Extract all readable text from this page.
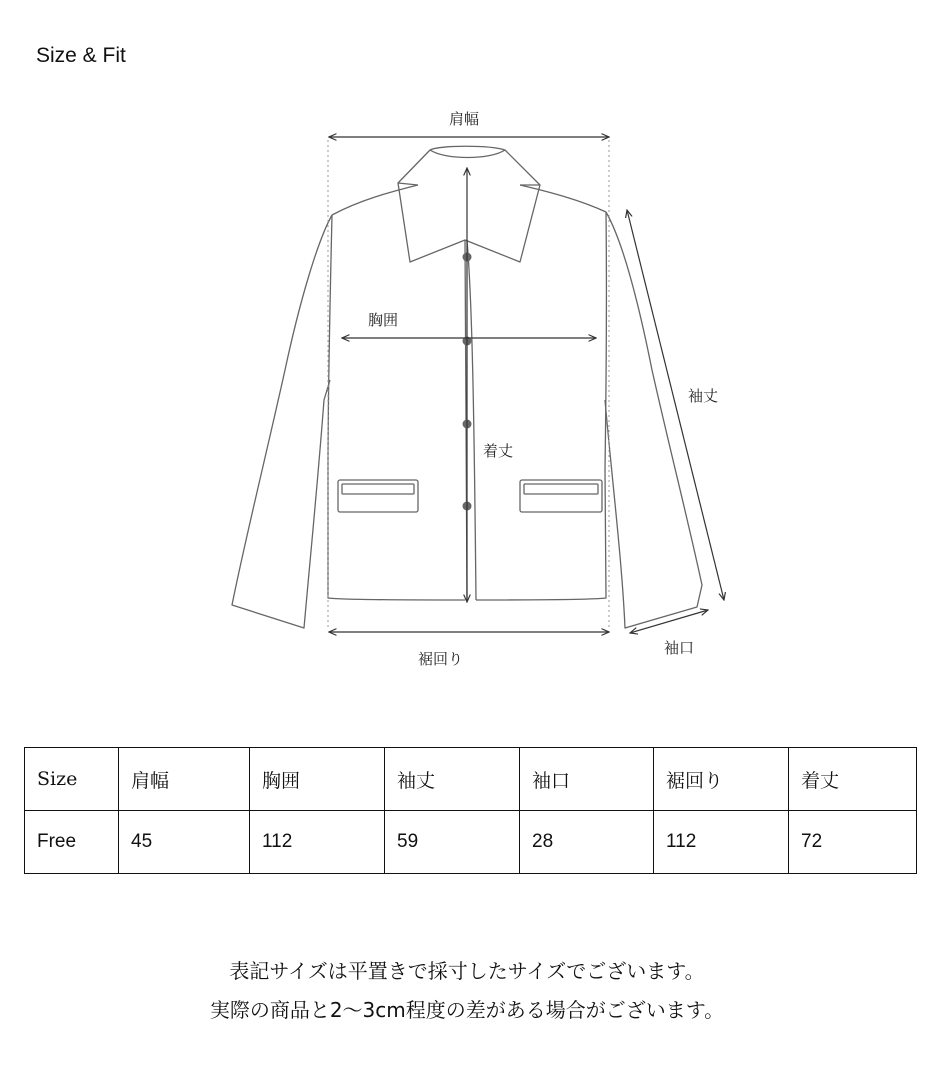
Size & Fit
肩幅
胸囲
着丈
袖丈
裾回り
袖口
Size	肩幅	胸囲	袖丈	袖口	裾回り	着丈
Free	45	112	59	28	112	72
表記サイズは平置きで採寸したサイズでございます。
実際の商品と2〜3cm程度の差がある場合がございます。
